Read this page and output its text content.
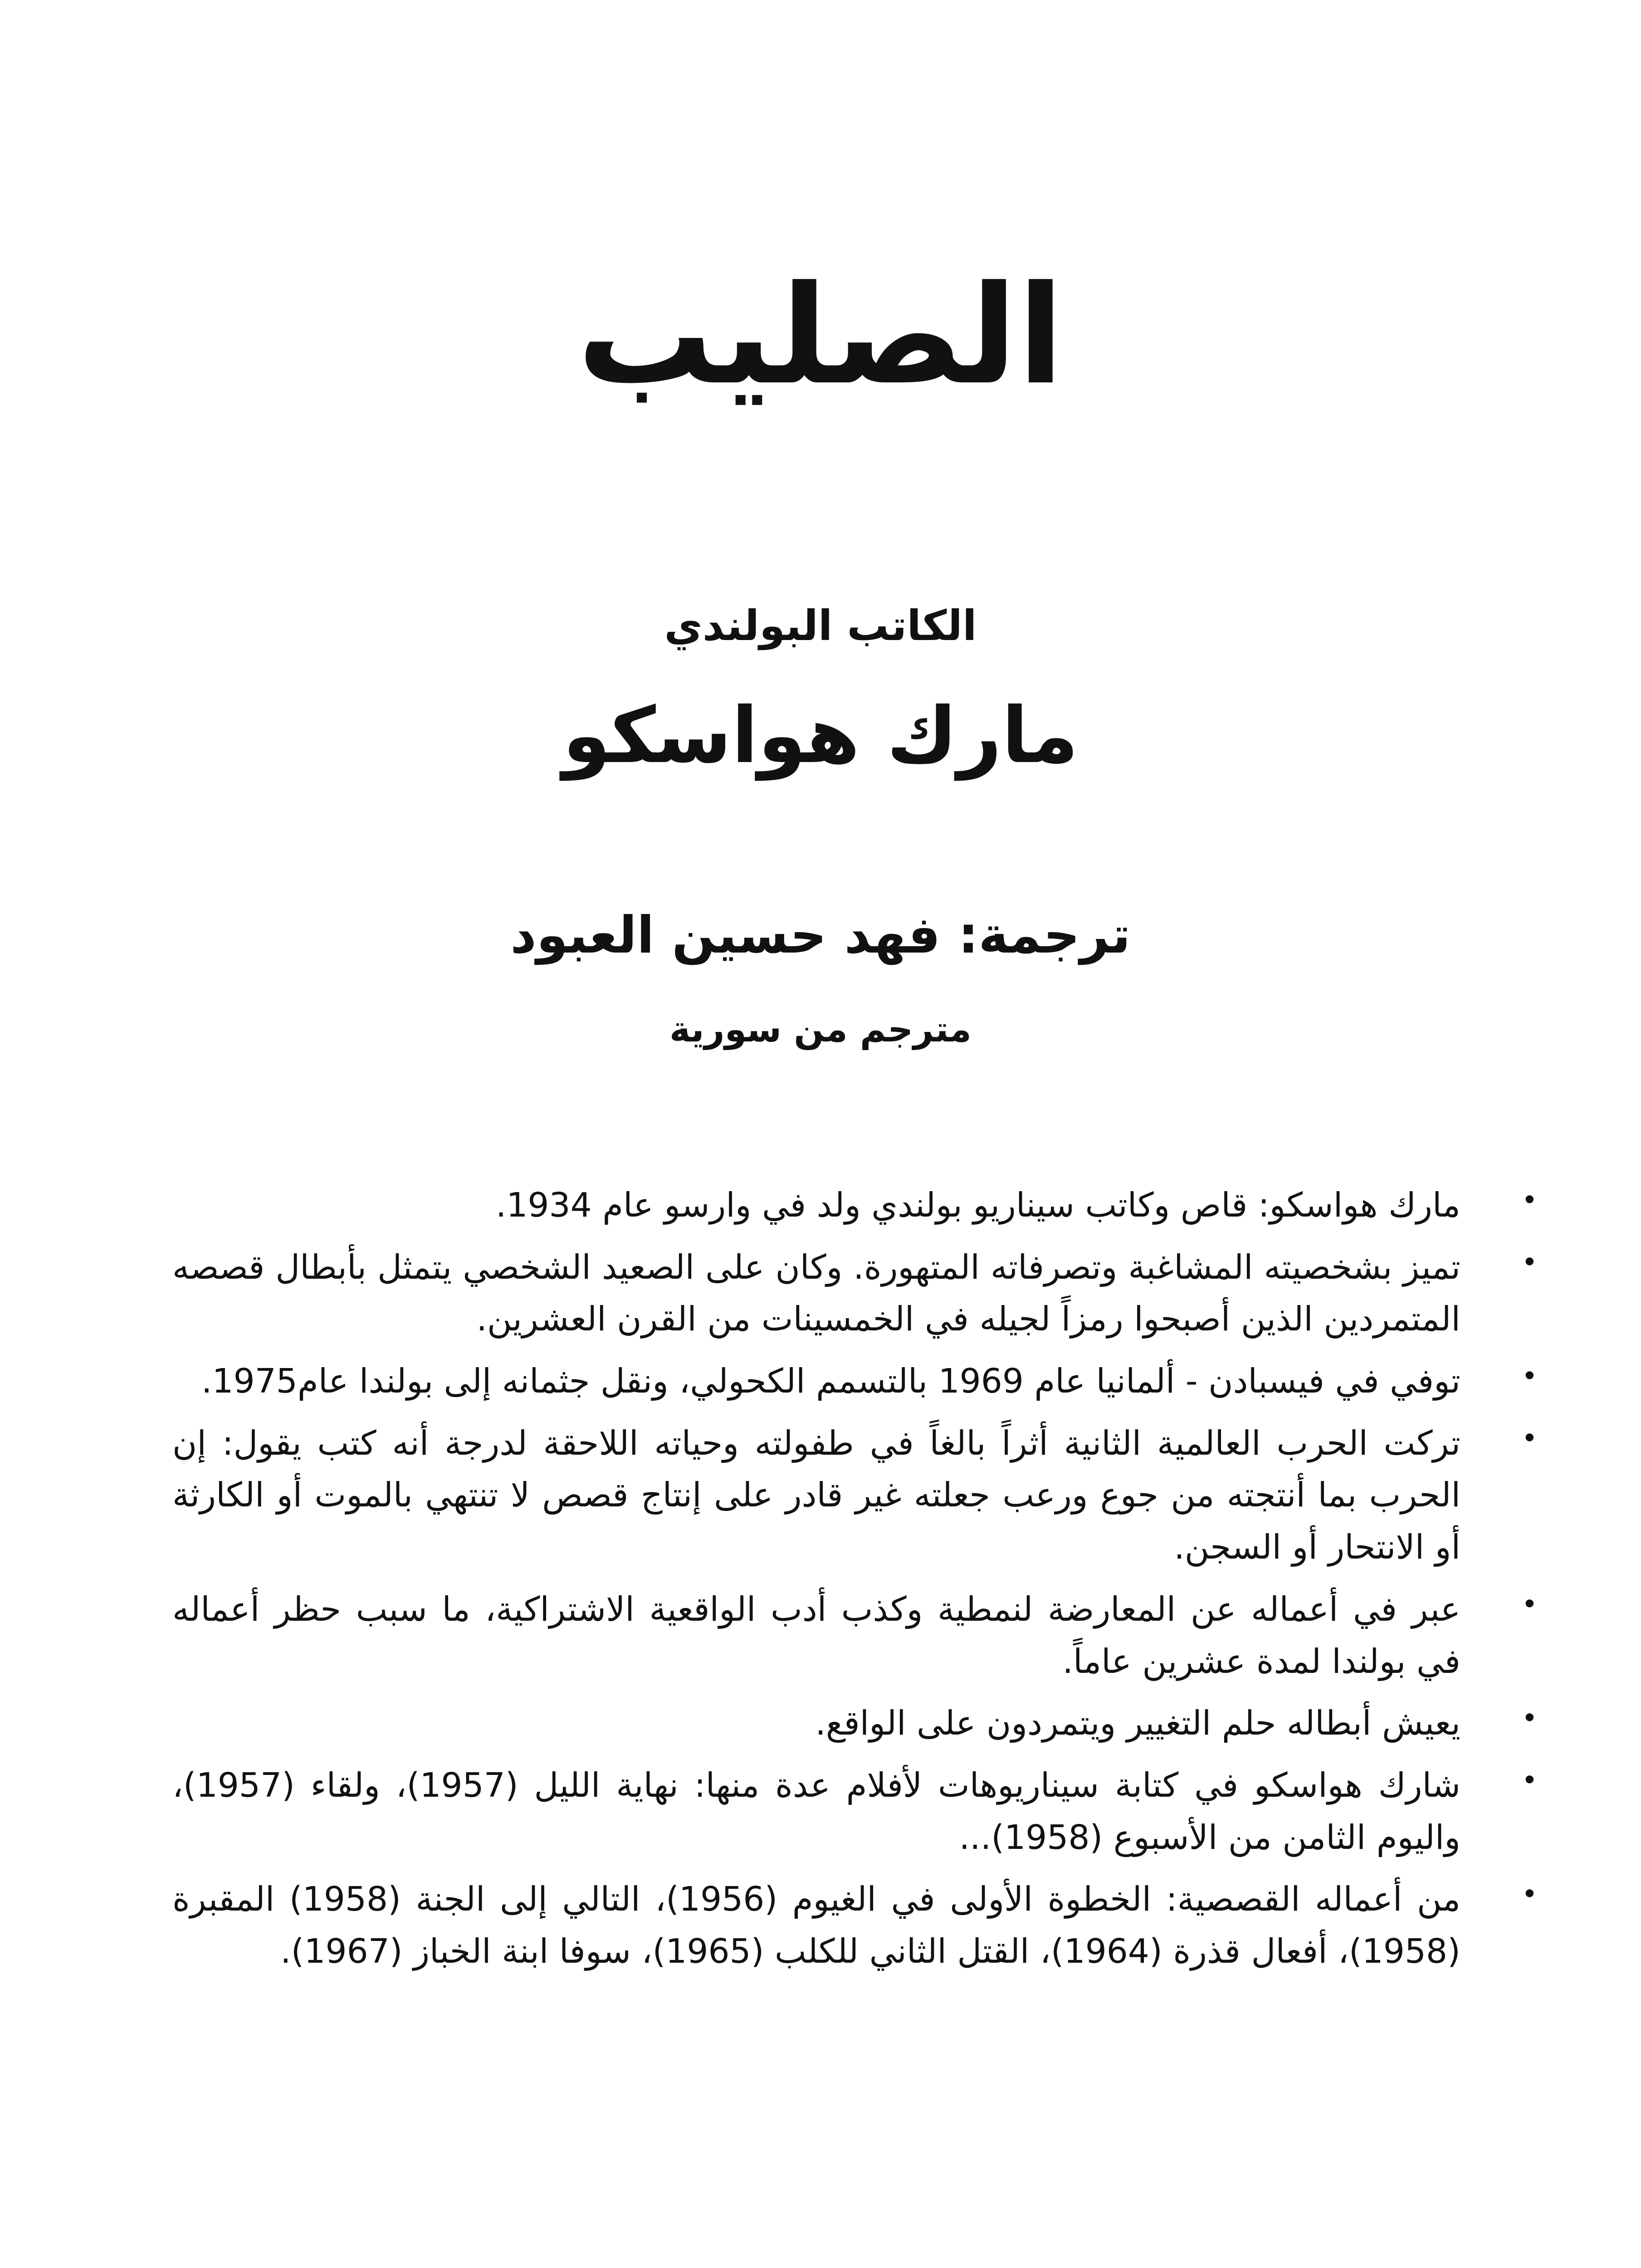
الصليب

الكاتب البولندي

مارك هواسكو

ترجمة: فهد حسين العبود

مترجم من سورية

• مارك هواسكو: قاص وكاتب سيناريو بولندي ولد في وارسو عام 1934.
• تميز بشخصيته المشاغبة وتصرفاته المتهورة. وكان على الصعيد الشخصي يتمثل بأبطال قصصه المتمردين الذين أصبحوا رمزاً لجيله في الخمسينات من القرن العشرين.
• توفي في فيسبادن - ألمانيا عام 1969 بالتسمم الكحولي، ونقل جثمانه إلى بولندا عام1975.
• تركت الحرب العالمية الثانية أثراً بالغاً في طفولته وحياته اللاحقة لدرجة أنه كتب يقول: إن الحرب بما أنتجته من جوع ورعب جعلته غير قادر على إنتاج قصص لا تنتهي بالموت أو الكارثة أو الانتحار أو السجن.
• عبر في أعماله عن المعارضة لنمطية وكذب أدب الواقعية الاشتراكية، ما سبب حظر أعماله في بولندا لمدة عشرين عاماً.
• يعيش أبطاله حلم التغيير ويتمردون على الواقع.
• شارك هواسكو في كتابة سيناريوهات لأفلام عدة منها: نهاية الليل (1957)، ولقاء (1957)، واليوم الثامن من الأسبوع (1958)...
• من أعماله القصصية: الخطوة الأولى في الغيوم (1956)، التالي إلى الجنة (1958) المقبرة (1958)، أفعال قذرة (1964)، القتل الثاني للكلب (1965)، سوفا ابنة الخباز (1967).
